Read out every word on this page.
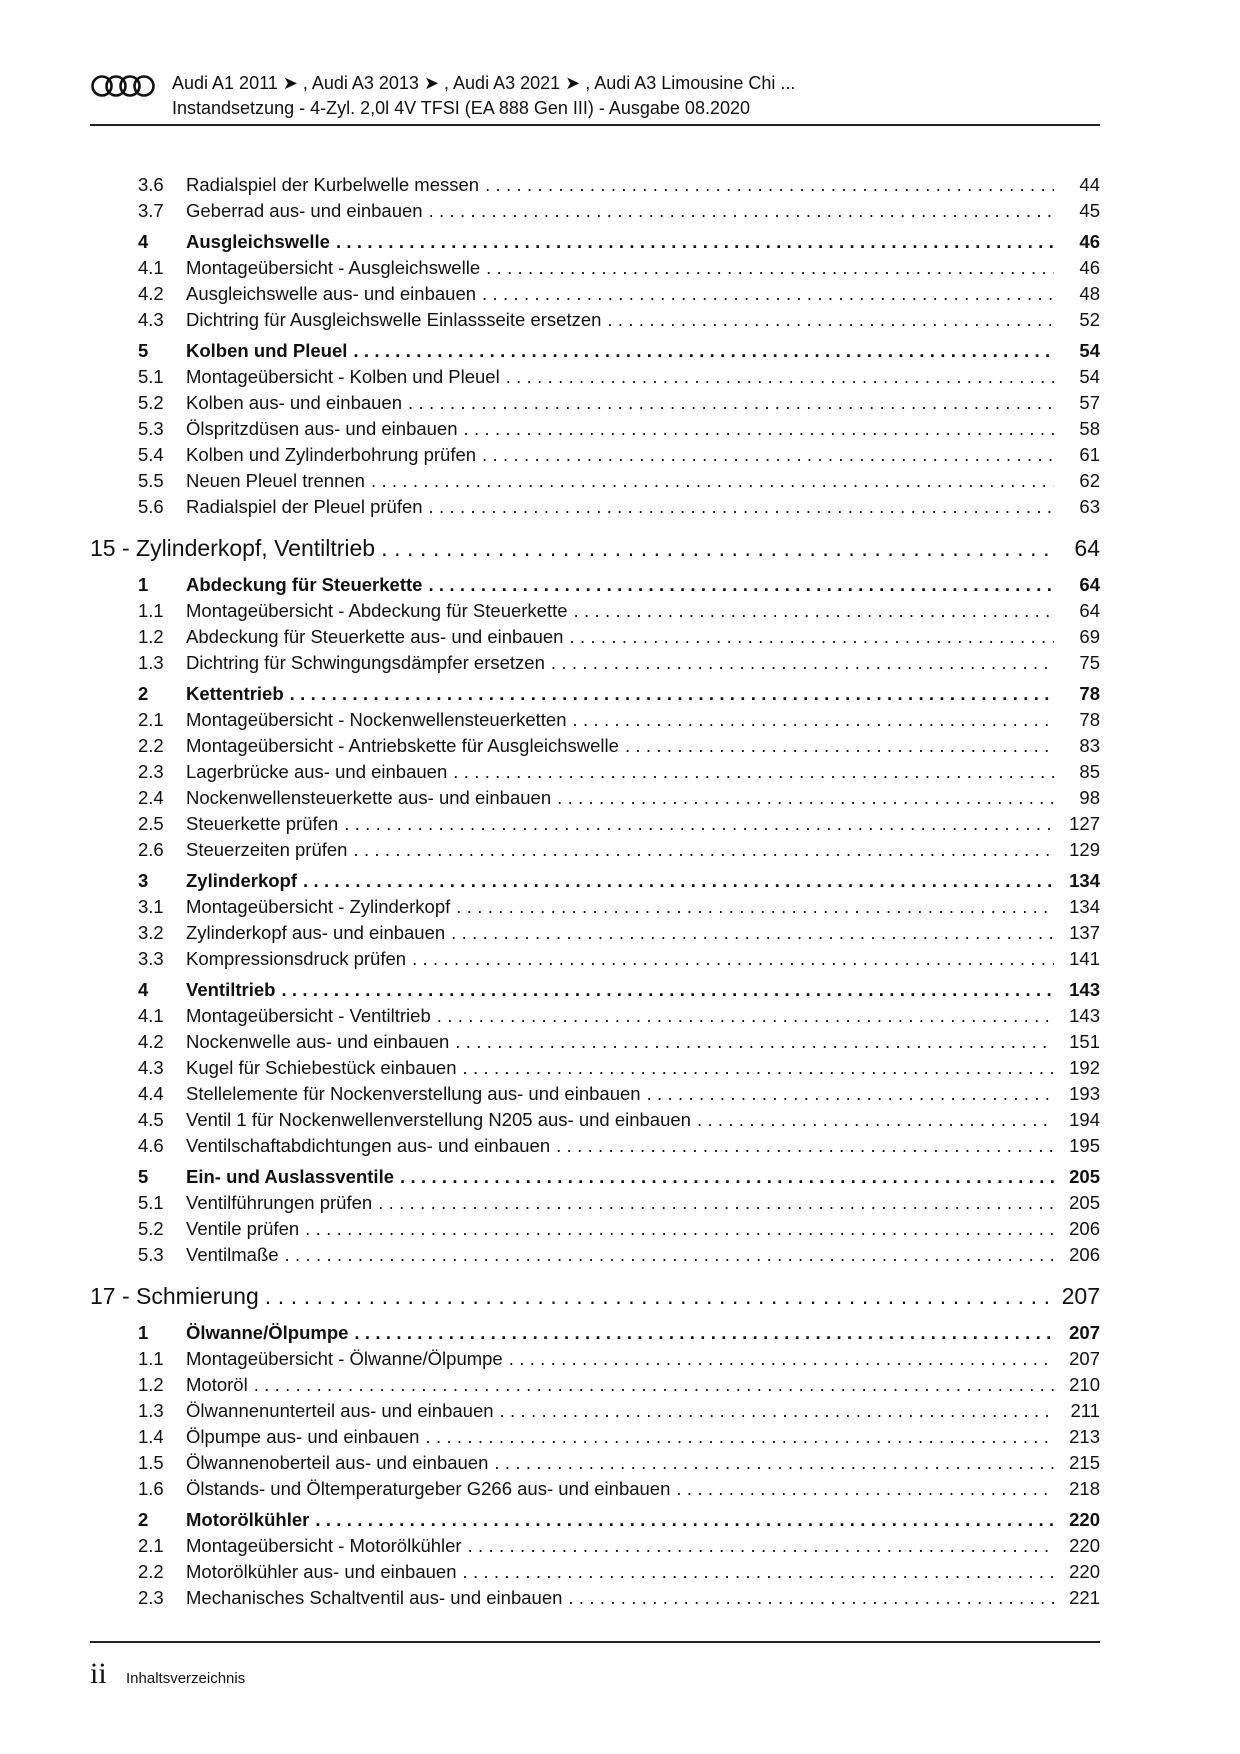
Audi A1 2011 ➤ , Audi A3 2013 ➤ , Audi A3 2021 ➤ , Audi A3 Limousine Chi ...
Instandsetzung - 4-Zyl. 2,0l 4V TFSI (EA 888 Gen III) - Ausgabe 08.2020
3.6	Radialspiel der Kurbelwelle messen . . .	44
3.7	Geberrad aus- und einbauen . . .	45
4	Ausgleichswelle . . .	46
4.1	Montageübersicht - Ausgleichswelle . . .	46
4.2	Ausgleichswelle aus- und einbauen . . .	48
4.3	Dichtring für Ausgleichswelle Einlassseite ersetzen . . .	52
5	Kolben und Pleuel . . .	54
5.1	Montageübersicht - Kolben und Pleuel . . .	54
5.2	Kolben aus- und einbauen . . .	57
5.3	Ölspritzdüsen aus- und einbauen . . .	58
5.4	Kolben und Zylinderbohrung prüfen . . .	61
5.5	Neuen Pleuel trennen . . .	62
5.6	Radialspiel der Pleuel prüfen . . .	63
15 - Zylinderkopf, Ventiltrieb . . .	64
1	Abdeckung für Steuerkette . . .	64
1.1	Montageübersicht - Abdeckung für Steuerkette . . .	64
1.2	Abdeckung für Steuerkette aus- und einbauen . . .	69
1.3	Dichtring für Schwingungsdämpfer ersetzen . . .	75
2	Kettentrieb . . .	78
2.1	Montageübersicht - Nockenwellensteuerketten . . .	78
2.2	Montageübersicht - Antriebskette für Ausgleichswelle . . .	83
2.3	Lagerbrücke aus- und einbauen . . .	85
2.4	Nockenwellensteuerkette aus- und einbauen . . .	98
2.5	Steuerkette prüfen . . .	127
2.6	Steuerzeiten prüfen . . .	129
3	Zylinderkopf . . .	134
3.1	Montageübersicht - Zylinderkopf . . .	134
3.2	Zylinderkopf aus- und einbauen . . .	137
3.3	Kompressionsdruck prüfen . . .	141
4	Ventiltrieb . . .	143
4.1	Montageübersicht - Ventiltrieb . . .	143
4.2	Nockenwelle aus- und einbauen . . .	151
4.3	Kugel für Schiebestück einbauen . . .	192
4.4	Stellelemente für Nockenverstellung aus- und einbauen . . .	193
4.5	Ventil 1 für Nockenwellenverstellung N205 aus- und einbauen . . .	194
4.6	Ventilschaftabdichtungen aus- und einbauen . . .	195
5	Ein- und Auslassventile . . .	205
5.1	Ventilführungen prüfen . . .	205
5.2	Ventile prüfen . . .	206
5.3	Ventilmaße . . .	206
17 - Schmierung . . .	207
1	Ölwanne/Ölpumpe . . .	207
1.1	Montageübersicht - Ölwanne/Ölpumpe . . .	207
1.2	Motoröl . . .	210
1.3	Ölwannenunterteil aus- und einbauen . . .	211
1.4	Ölpumpe aus- und einbauen . . .	213
1.5	Ölwannenoberteil aus- und einbauen . . .	215
1.6	Ölstands- und Öltemperaturgeber G266 aus- und einbauen . . .	218
2	Motorölkühler . . .	220
2.1	Montageübersicht - Motorölkühler . . .	220
2.2	Motorölkühler aus- und einbauen . . .	220
2.3	Mechanisches Schaltventil aus- und einbauen . . .	221
ii Inhaltsverzeichnis
